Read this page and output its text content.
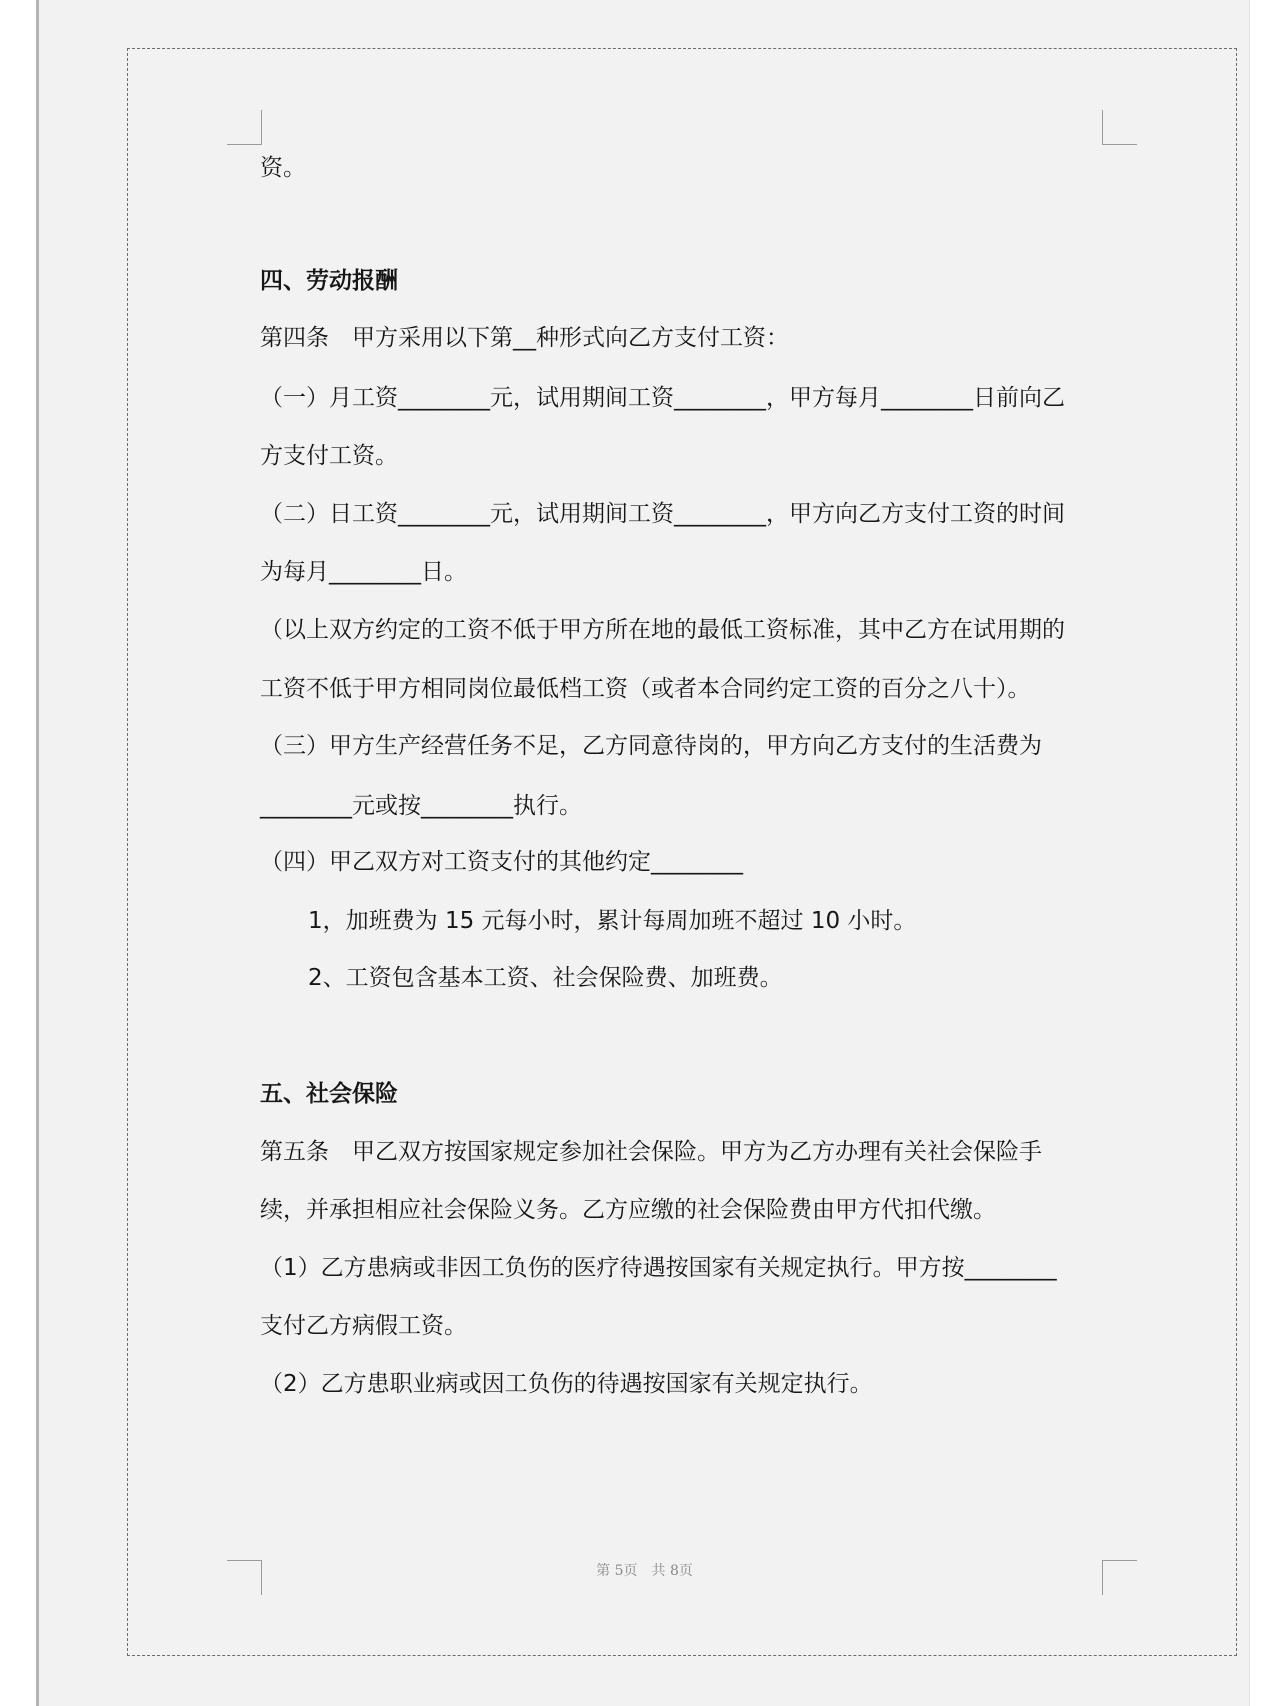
资。
四、劳动报酬
第四条　甲方采用以下第__种形式向乙方支付工资：
（一）月工资________元，试用期间工资________，甲方每月________日前向乙
方支付工资。
（二）日工资________元，试用期间工资________，甲方向乙方支付工资的时间
为每月________日。
（以上双方约定的工资不低于甲方所在地的最低工资标准，其中乙方在试用期的
工资不低于甲方相同岗位最低档工资（或者本合同约定工资的百分之八十）。
（三）甲方生产经营任务不足，乙方同意待岗的，甲方向乙方支付的生活费为
________元或按________执行。
（四）甲乙双方对工资支付的其他约定________
1，加班费为 15 元每小时，累计每周加班不超过 10 小时。
2、工资包含基本工资、社会保险费、加班费。
五、社会保险
第五条　甲乙双方按国家规定参加社会保险。甲方为乙方办理有关社会保险手
续，并承担相应社会保险义务。乙方应缴的社会保险费由甲方代扣代缴。
（1）乙方患病或非因工负伤的医疗待遇按国家有关规定执行。甲方按________
支付乙方病假工资。
（2）乙方患职业病或因工负伤的待遇按国家有关规定执行。
第 5页　共 8页
